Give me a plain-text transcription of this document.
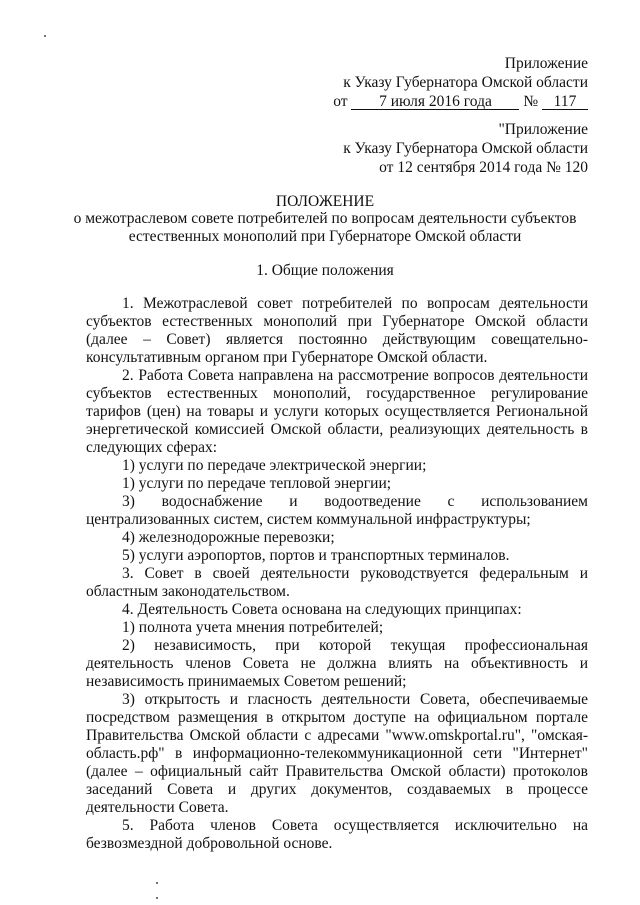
Приложение
к Указу Губернатора Омской области
от 7 июля 2016 года № 117
"Приложение
к Указу Губернатора Омской области
от 12 сентября 2014 года № 120
ПОЛОЖЕНИЕ
о межотраслевом совете потребителей по вопросам деятельности субъектов
естественных монополий при Губернаторе Омской области
1. Общие положения

1. Межотраслевой совет потребителей по вопросам деятельности субъектов естественных монополий при Губернаторе Омской области (далее – Совет) является постоянно действующим совещательно-консультативным органом при Губернаторе Омской области.

2. Работа Совета направлена на рассмотрение вопросов деятельности субъектов естественных монополий, государственное регулирование тарифов (цен) на товары и услуги которых осуществляется Региональной энергетической комиссией Омской области, реализующих деятельность в следующих сферах:

1) услуги по передаче электрической энергии;

1) услуги по передаче тепловой энергии;

3) водоснабжение и водоотведение с использованием централизованных систем, систем коммунальной инфраструктуры;

4) железнодорожные перевозки;

5) услуги аэропортов, портов и транспортных терминалов.

3. Совет в своей деятельности руководствуется федеральным и областным законодательством.

4. Деятельность Совета основана на следующих принципах:

1) полнота учета мнения потребителей;

2) независимость, при которой текущая профессиональная деятельность членов Совета не должна влиять на объективность и независимость принимаемых Советом решений;

3) открытость и гласность деятельности Совета, обеспечиваемые посредством размещения в открытом доступе на официальном портале Правительства Омской области с адресами "www.omskportal.ru", "омская-область.рф" в информационно-телекоммуникационной сети "Интернет" (далее – официальный сайт Правительства Омской области) протоколов заседаний Совета и других документов, создаваемых в процессе деятельности Совета.

5. Работа членов Совета осуществляется исключительно на безвозмездной добровольной основе.
